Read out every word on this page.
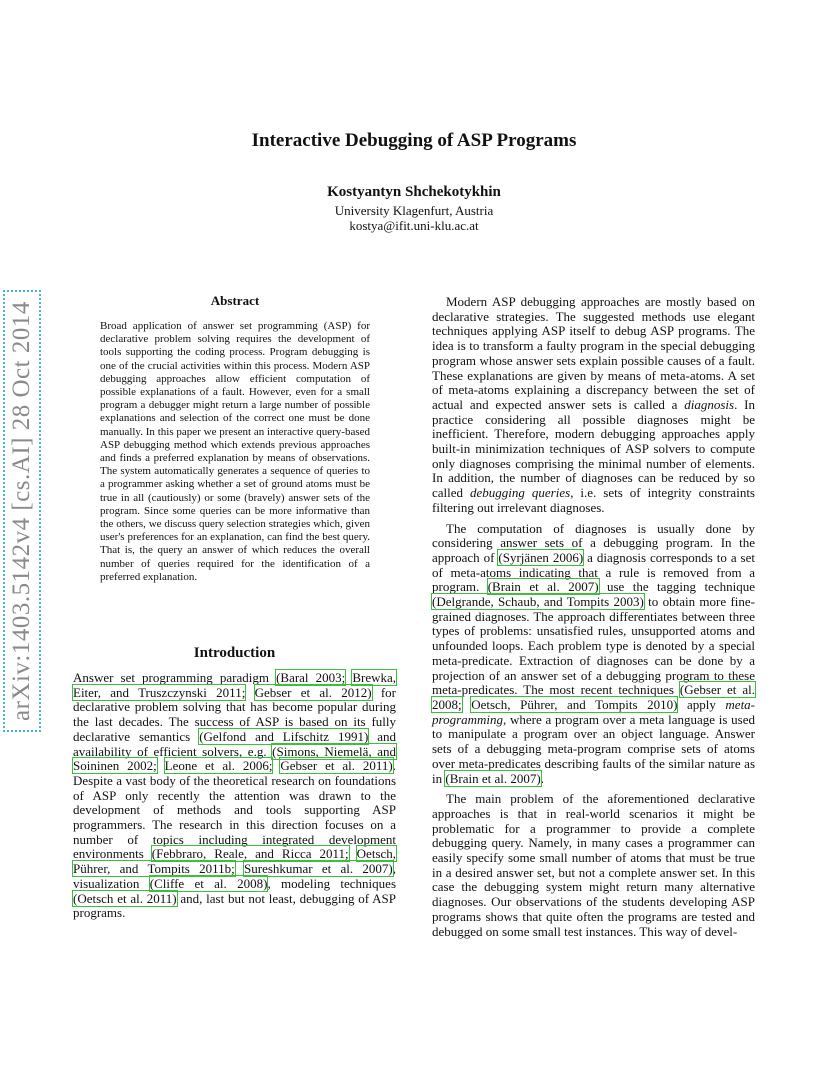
arXiv:1403.5142v4 [cs.AI] 28 Oct 2014
Interactive Debugging of ASP Programs
Kostyantyn Shchekotykhin
University Klagenfurt, Austria
kostya@ifit.uni-klu.ac.at
Abstract
Broad application of answer set programming (ASP) for declarative problem solving requires the development of tools supporting the coding process. Program debugging is one of the crucial activities within this process. Modern ASP debugging approaches allow efficient computation of possible explanations of a fault. However, even for a small program a debugger might return a large number of possible explanations and selection of the correct one must be done manually. In this paper we present an interactive query-based ASP debugging method which extends previous approaches and finds a preferred explanation by means of observations. The system automatically generates a sequence of queries to a programmer asking whether a set of ground atoms must be true in all (cautiously) or some (bravely) answer sets of the program. Since some queries can be more informative than the others, we discuss query selection strategies which, given user's preferences for an explanation, can find the best query. That is, the query an answer of which reduces the overall number of queries required for the identification of a preferred explanation.
Introduction

Answer set programming paradigm (Baral 2003; Brewka, Eiter, and Truszczynski 2011; Gebser et al. 2012) for declarative problem solving that has become popular during the last decades. The success of ASP is based on its fully declarative semantics (Gelfond and Lifschitz 1991) and availability of efficient solvers, e.g. (Simons, Niemelä, and Soininen 2002; Leone et al. 2006; Gebser et al. 2011). Despite a vast body of the theoretical research on foundations of ASP only recently the attention was drawn to the development of methods and tools supporting ASP programmers. The research in this direction focuses on a number of topics including integrated development environments (Febbraro, Reale, and Ricca 2011; Oetsch, Pührer, and Tompits 2011b; Sureshkumar et al. 2007), visualization (Cliffe et al. 2008), modeling techniques (Oetsch et al. 2011) and, last but not least, debugging of ASP programs.

Modern ASP debugging approaches are mostly based on declarative strategies. The suggested methods use elegant techniques applying ASP itself to debug ASP programs. The idea is to transform a faulty program in the special debugging program whose answer sets explain possible causes of a fault. These explanations are given by means of meta-atoms. A set of meta-atoms explaining a discrepancy between the set of actual and expected answer sets is called a diagnosis. In practice considering all possible diagnoses might be inefficient. Therefore, modern debugging approaches apply built-in minimization techniques of ASP solvers to compute only diagnoses comprising the minimal number of elements. In addition, the number of diagnoses can be reduced by so called debugging queries, i.e. sets of integrity constraints filtering out irrelevant diagnoses.

The computation of diagnoses is usually done by considering answer sets of a debugging program. In the approach of (Syrjänen 2006) a diagnosis corresponds to a set of meta-atoms indicating that a rule is removed from a program. (Brain et al. 2007) use the tagging technique (Delgrande, Schaub, and Tompits 2003) to obtain more fine-grained diagnoses. The approach differentiates between three types of problems: unsatisfied rules, unsupported atoms and unfounded loops. Each problem type is denoted by a special meta-predicate. Extraction of diagnoses can be done by a projection of an answer set of a debugging program to these meta-predicates. The most recent techniques (Gebser et al. 2008; Oetsch, Pührer, and Tompits 2010) apply meta-programming, where a program over a meta language is used to manipulate a program over an object language. Answer sets of a debugging meta-program comprise sets of atoms over meta-predicates describing faults of the similar nature as in (Brain et al. 2007).

The main problem of the aforementioned declarative approaches is that in real-world scenarios it might be problematic for a programmer to provide a complete debugging query. Namely, in many cases a programmer can easily specify some small number of atoms that must be true in a desired answer set, but not a complete answer set. In this case the debugging system might return many alternative diagnoses. Our observations of the students developing ASP programs shows that quite often the programs are tested and debugged on some small test instances. This way of devel-
